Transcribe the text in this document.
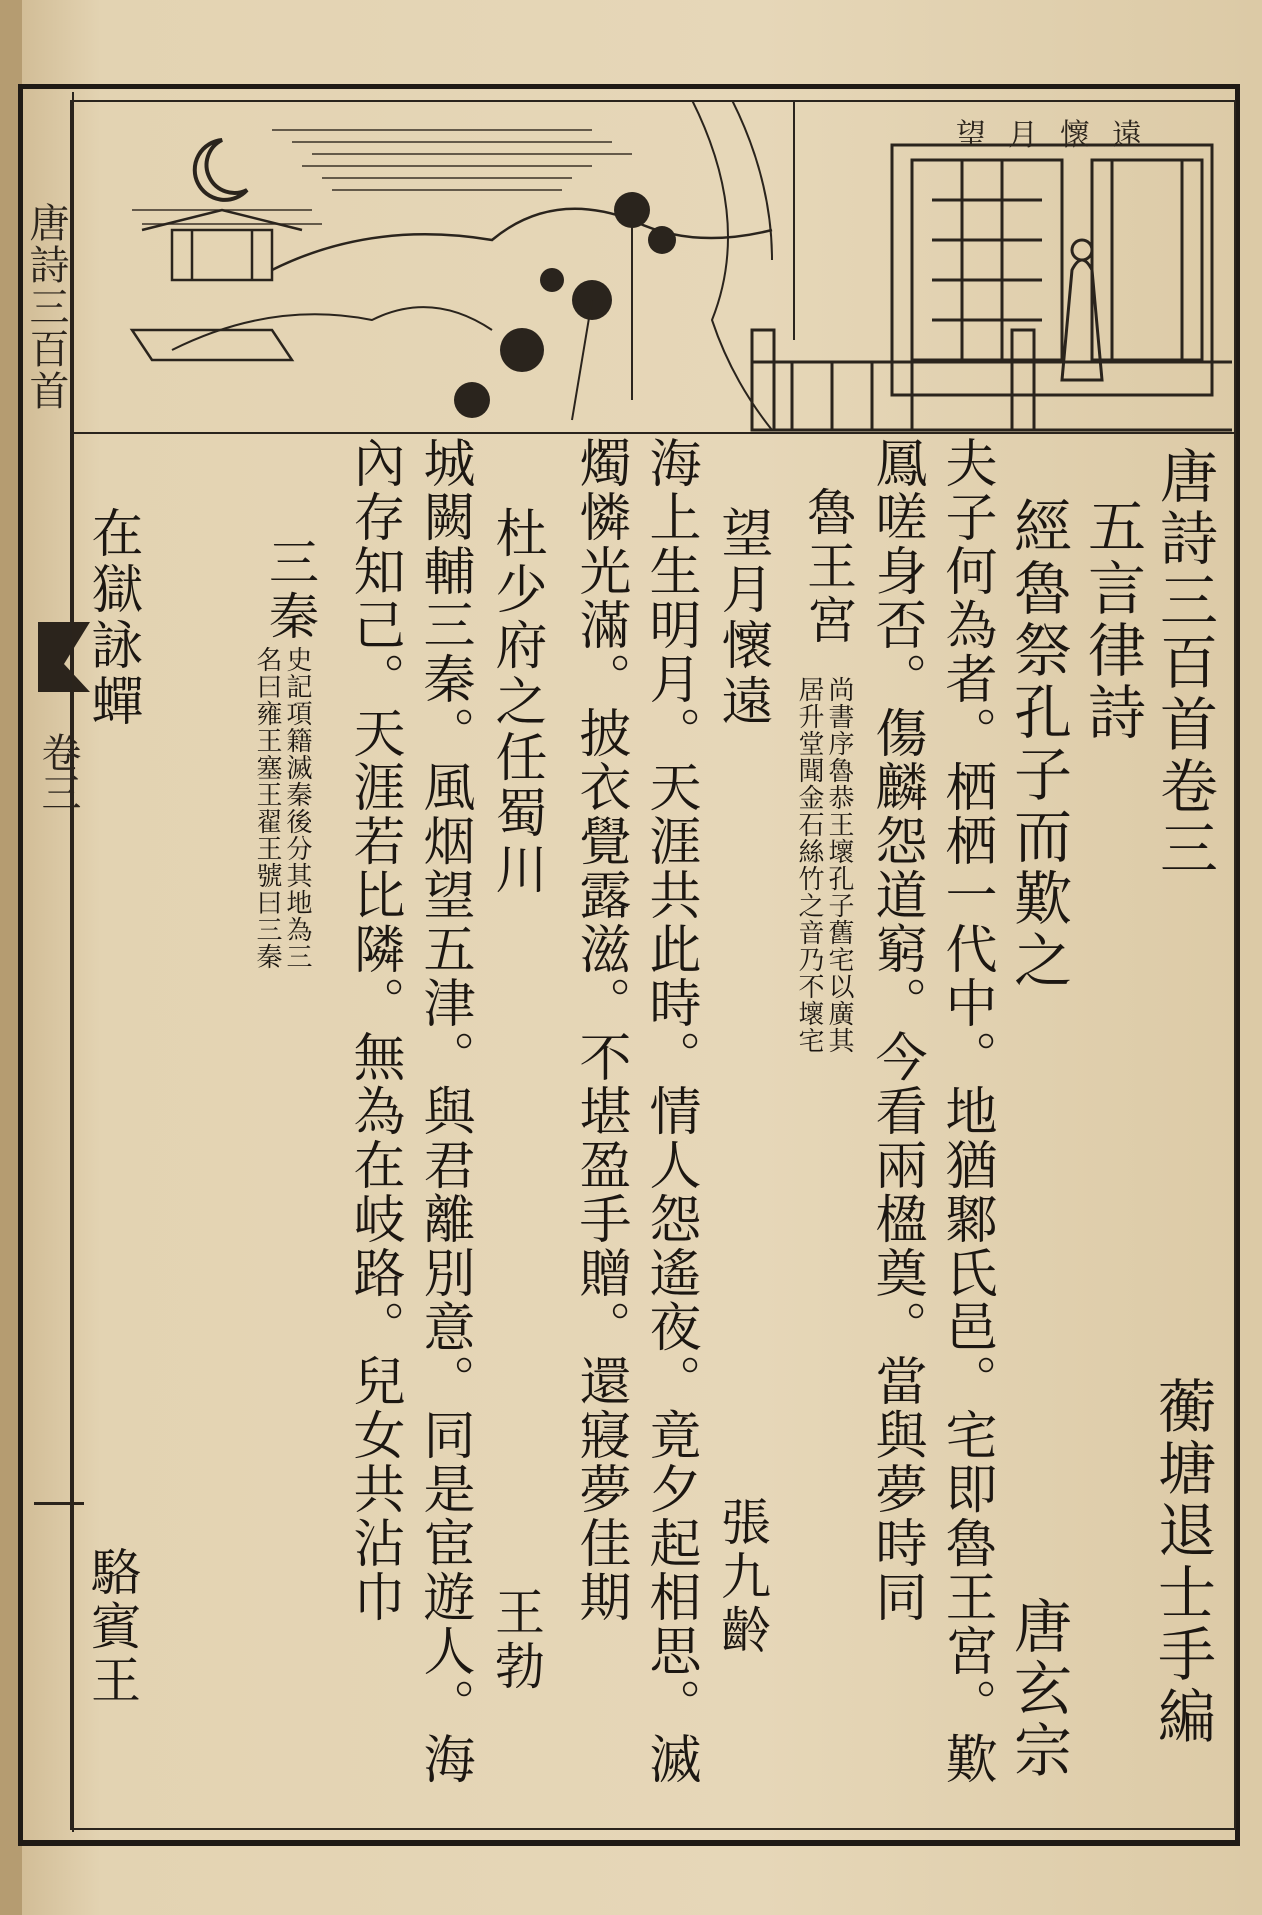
唐詩三百首
卷三
望月懷遠
蘅塘退士手編
唐詩三百首卷三
五言律詩
經魯祭孔子而歎之
唐玄宗
夫子何為者。栖栖一代中。地猶鄹氏邑。宅即魯王宮。歎
鳳嗟身否。傷麟怨道窮。今看兩楹奠。當與夢時同
魯王宮
尚書序魯恭王壞孔子舊宅以廣其
居升堂聞金石絲竹之音乃不壞宅
望月懷遠
張九齡
海上生明月。天涯共此時。情人怨遙夜。竟夕起相思。滅
燭憐光滿。披衣覺露滋。不堪盈手贈。還寢夢佳期
杜少府之任蜀川
王勃
城闕輔三秦。風烟望五津。與君離別意。同是宦遊人。海
內存知己。天涯若比隣。無為在岐路。兒女共沾巾
三秦
史記項籍滅秦後分其地為三
名曰雍王塞王翟王號曰三秦
在獄詠蟬
駱賓王
